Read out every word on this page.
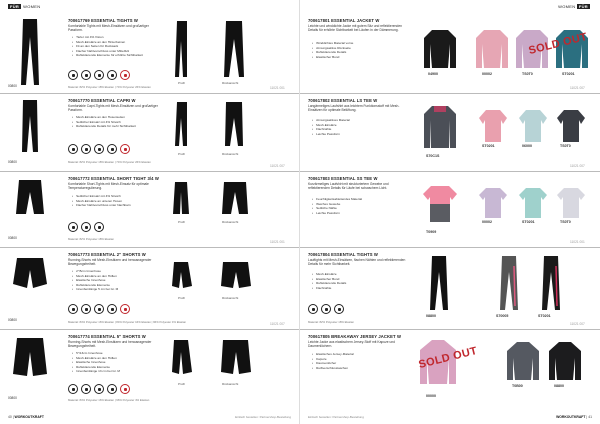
FÜR WOMEN
00800
700617769 ESSENTIAL TIGHTS W
Komfortable Tights mit Mesh-Einsätzen und großartiger Passform.
• Tiefer mit 4% Vision
• Mesh-Einsätze an den Hinterbeinen
• Fit an den Seiten für Rucksack
• Flacher Nahtverschluss unter Mittelfuß
• Reflektierende Elemente für erhöhte Sichtbarkeit
Material: 82% Polyester 18% Elastan | 74% Polyester 26% Elastan
Profil	Rückansicht
11021 001
00800
700617770 ESSENTIAL CAPRI W
Komfortable Capri-Tights mit Mesh-Einsätzen und großartiger Passform.
• Mesh-Einsätze an den Hosenseiten
• Seitlicher Einsatz mit 4% Stretch
• Reflektierende Details für mehr Sichtbarkeit
Material: 82% Polyester 18% Elastan | 74% Polyester 26% Elastan
Profil	Rückansicht
11021 007
00800
700617772 ESSENTIAL SHORT TIGHT 3/4 W
Komfortable Short-Tights mit Mesh-Einsatz für optimale Temperaturregulierung.
• Seitlicher Einsatz mit 4% Stretch
• Mesh-Einsätze an unteren Hosen
• Flacher Nahtverschluss unter Nachbarn
Material: 82% Polyester 18% Elastan
Profil	Rückansicht
11021 001
00800
700617773 ESSENTIAL 2" SHORTS W
Running-Shorts mit Mesh-Einsätzen und herausragender Bewegungsfreiheit.
• 2"/5cm Innenhose
• Mesh-Einsätze an den Hüften
• Elastische Innenhose
• Reflektierende Elemente
• Innenbeinlänge 5 cm bei Gr. M
Material: 84% Polyester 16% Elastan | 84% Polyester 16% Elastan | 96% Polyester 4% Elastan
Profil	Rückansicht
11021 007
00800
700617774 ESSENTIAL 5" SHORTS W
Running-Shorts mit Mesh-Einsätzen und herausragender Bewegungsfreiheit.
• 5"/13cm Innenhose
• Mesh-Einsätze an den Hüften
• Elastische Innenhose
• Reflektierende Elemente
• Innenbeinlänge 13 cm bei Gr. M
Material: 84% Polyester 16% Elastan | 96% Polyester 4% Elastan
Profil	Rückansicht
40 | WORKOUTKRAFT	Einfach bestellen: Partnershop-Bestellung
WOMEN FÜR
700617801 ESSENTIAL JACKET W
Leichte und winddichte Jacke mit gutem Sitz und reflektierenden Details für erhöhte Sichtbarkeit bei Läufen in der Dämmerung.
• Winddichtes Material vorne
• Atmungsaktive Rückseite
• Reflektierende Details
• Elastischer Bund
04900	00002	TS0T0	ST0201
SOLD OUT
11021 007
700617802 ESSENTIAL LS TEE W
Langärmeliges Laufshirt aus leichtem Funktionsstoff mit Mesh-Einsätzen für optimale Belüftung.
• Atmungsaktives Material
• Mesh-Einsätze
• Flachnähte
• Leichte Passform
S70C1S
ST0201	06000	TS0T0
11021 007
700617803 ESSENTIAL SS TEE W
Kurzärmeliges Laufshirt mit strukturiertem Gewebe und reflektierenden Details für Läufe bei schwachem Licht.
• Feuchtigkeitsableitendes Material
• Weiches Gewebe
• Seitliche Nähte
• Leichte Passform
T0909
00002	ST0201	TS0T0
11021 001
700617804 ESSENTIAL TIGHTS W
Lauftights mit Mesh-Einsätzen, flachen Nähten und reflektierenden Details für mehr Sichtbarkeit.
• Mesh-Einsätze
• Elastischer Bund
• Reflektierende Details
• Flachnähte
Material: 82% Polyester 18% Elastan
08800	S70005	ST0201
11021 007
700617805 BREAKAWAY JERSEY JACKET W
Leichte Jacke aus elastischem Jersey-Stoff mit Kapuze und Daumenlöchern.
• Elastisches Jersey-Material
• Kapuze
• Daumenlöcher
• Reißverschlusstaschen
00000
SOLD OUT
T0B00	08800
Einfach bestellen: Partnershop-Bestellung	WORKOUTKRAFT | 41
